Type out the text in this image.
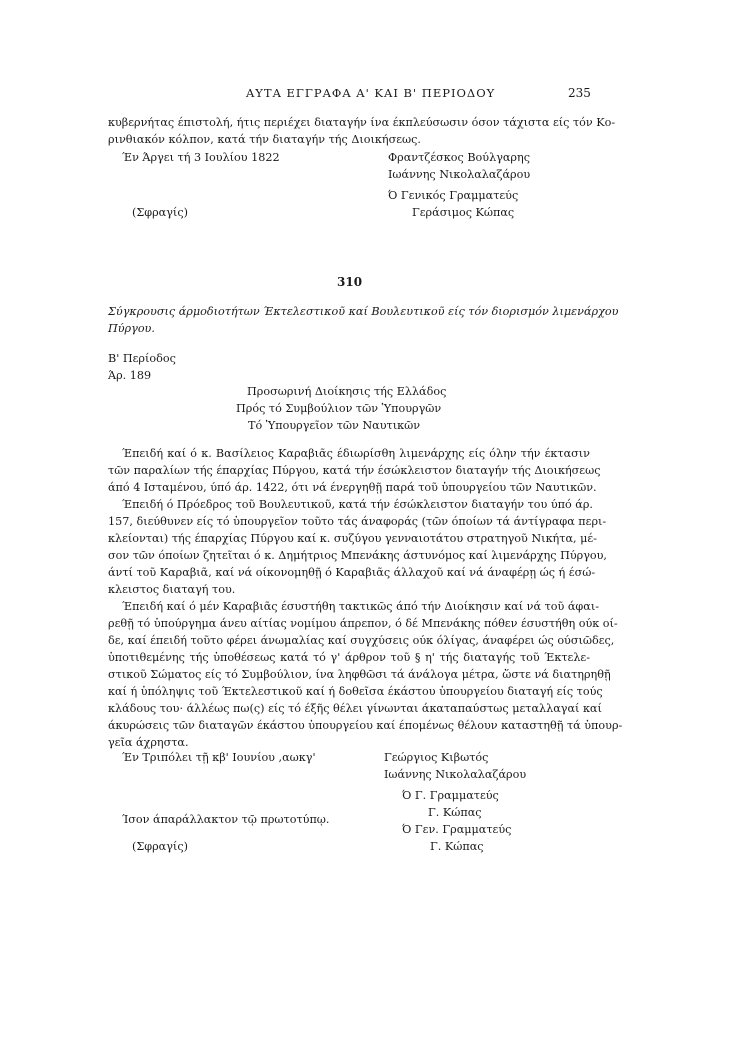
ΑΥΤΑ ΕΓΓΡΑΦΑ Α' ΚΑΙ Β' ΠΕΡΙΟΔΟΥ	235
κυβερνήτας έπιστολή, ήτις περιέχει διαταγήν ίνα έκπλεύσωσιν όσον τάχιστα είς τόν Κο-
ρινθιακόν κόλπον, κατά τήν διαταγήν τής Διοικήσεως.
Έν Άργει τή 3 Ιουλίου 1822	Φραντζέσκος Βούλγαρης
Ιωάννης Νικολαλαζάρου
Ό Γενικός Γραμματεύς
Γεράσιμος Κώπας
(Σφραγίς)
310
Σύγκρουσις άρμοδιοτήτων Έκτελεστικοῦ καί Βουλευτικοῦ είς τόν διορισμόν λιμενάρχου
Πύργου.
Β' Περίοδος
Άρ. 189
Προσωρινή Διοίκησις τής Ελλάδος
Πρός τό Συμβούλιον τῶν Ὑπουργῶν
Τό Ὑπουργεῖον τῶν Ναυτικῶν
Έπειδή καί ό κ. Βασίλειος Καραβιᾶς έδιωρίσθη λιμενάρχης είς όλην τήν έκτασιν
τῶν παραλίων τής έπαρχίας Πύργου, κατά τήν έσώκλειστον διαταγήν τής Διοικήσεως
άπό 4 Ισταμένου, ύπό άρ. 1422, ότι νά ένεργηθῇ παρά τοῦ ὑπουργείου τῶν Ναυτικῶν.
Έπειδή ό Πρόεδρος τοῦ Βουλευτικοῦ, κατά τήν έσώκλειστον διαταγήν του ύπό άρ.
157, διεύθυνεν είς τό ὑπουργεῖον τοῦτο τάς άναφοράς (τῶν όποίων τά άντίγραφα περι-
κλείονται) τής έπαρχίας Πύργου καί κ. συζύγου γενναιοτάτου στρατηγοῦ Νικήτα, μέ-
σον τῶν όποίων ζητεῖται ό κ. Δημήτριος Μπενάκης άστυνόμος καί λιμενάρχης Πύργου,
άντί τοῦ Καραβιᾶ, καί νά οίκονομηθῇ ό Καραβιᾶς άλλαχοῦ καί νά άναφέρῃ ώς ή έσώ-
κλειστος διαταγή του.
Έπειδή καί ό μέν Καραβιᾶς έσυστήθη τακτικῶς άπό τήν Διοίκησιν καί νά τοῦ άφαι-
ρεθῇ τό ὑπούργημα άνευ αίτίας νομίμου άπρεπον, ό δέ Μπενάκης πόθεν έσυστήθη ούκ οί-
δε, καί έπειδή τοῦτο φέρει άνωμαλίας καί συγχύσεις ούκ όλίγας, άναφέρει ώς ούσιῶδες,
ὑποτιθεμένης τής ὑποθέσεως κατά τό γ' άρθρον τοῦ § η' τής διαταγής τοῦ Έκτελε-
στικοῦ Σώματος είς τό Συμβούλιον, ίνα ληφθῶσι τά άνάλογα μέτρα, ὥστε νά διατηρηθῇ
καί ή ὑπόληψις τοῦ Έκτελεστικοῦ καί ή δοθεῖσα έκάστου ὑπουργείου διαταγή είς τούς
κλάδους του· άλλέως πω(ς) είς τό έξῆς θέλει γίνωνται άκαταπαύστως μεταλλαγαί καί
άκυρώσεις τῶν διαταγῶν έκάστου ὑπουργείου καί έπομένως θέλουν καταστηθῇ τά ὑπουρ-
γεῖα άχρηστα.
Έν Τριπόλει τῇ κβ' Ιουνίου ,αωκγ'	Γεώργιος Κιβωτός
Ιωάννης Νικολαλαζάρου
Ό Γ. Γραμματεύς
Γ. Κώπας
Ίσον άπαράλλακτον τῷ πρωτοτύπῳ.
Ό Γεν. Γραμματεύς
Γ. Κώπας
(Σφραγίς)
